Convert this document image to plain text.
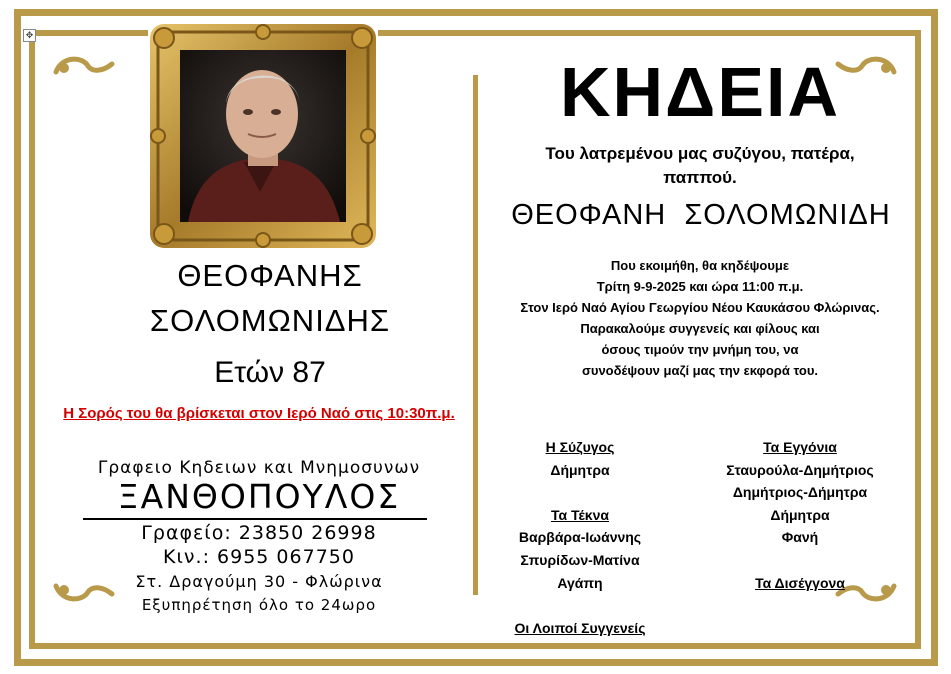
✥
ΘΕΟΦΑΝΗΣ
ΣΟΛΟΜΩΝΙΔΗΣ
Ετών 87
Η Σορός του θα βρίσκεται στον Ιερό Ναό στις 10:30π.μ.
Γραφειο Κηδειων και Μνημοσυνων
ΞΑΝΘΟΠΟΥΛΟΣ
Γραφείο: 23850 26998
Κιν.: 6955 067750
Στ. Δραγούμη 30 - Φλώρινα
Εξυπηρέτηση όλο το 24ωρο
ΚΗΔΕΙΑ
Του λατρεμένου μας συζύγου, πατέρα,
παππού.
ΘΕΟΦΑΝΗ  ΣΟΛΟΜΩΝΙΔΗ
Που εκοιμήθη, θα κηδέψουμε
Τρίτη 9-9-2025 και ώρα 11:00 π.μ.
Στον Ιερό Ναό Αγίου Γεωργίου Νέου Καυκάσου Φλώρινας.
Παρακαλούμε συγγενείς και φίλους και
όσους τιμούν την μνήμη του, να
συνοδέψουν μαζί μας την εκφορά του.
Η Σύζυγος
Δήμητρα
Τα Τέκνα
Βαρβάρα-Ιωάννης
Σπυρίδων-Ματίνα
Αγάπη
Οι Λοιποί Συγγενείς
Τα Εγγόνια
Σταυρούλα-Δημήτριος
Δημήτριος-Δήμητρα
Δήμητρα
Φανή
Τα Δισέγγονα
